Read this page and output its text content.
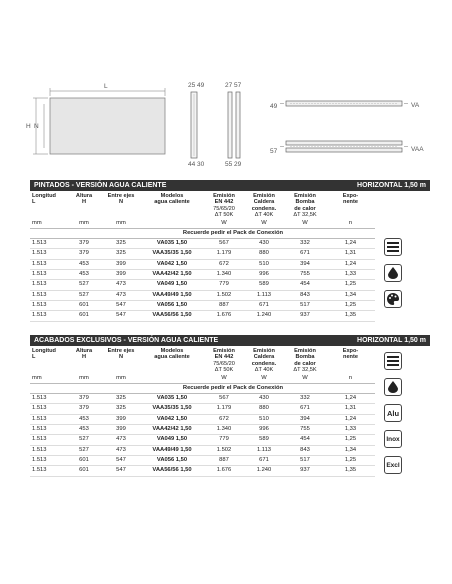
L
H N
25 49
44 30
27 57
55 29
49	VA
57	VAA
PINTADOS - VERSIÓN AGUA CALIENTE	HORIZONTAL 1,50 m
Longitud
L	Altura
H	Entre ejes
N	Modelos
agua caliente	Emisión
EN 442
75/65/20
ΔT 50K	Emisión
Caldera
condens.
ΔT 40K	Emisión
Bomba
de calor
ΔT 32,5K	Expo-
nente
mm	mm	mm		W	W	W	n
			Recuerde pedir el Pack de Conexión				
1.513	379	325	VA035 1,50	567	430	332	1,24
1.513	379	325	VAA35/35 1,50	1.179	880	671	1,31
1.513	453	399	VA042 1,50	672	510	394	1,24
1.513	453	399	VAA42/42 1,50	1.340	996	755	1,33
1.513	527	473	VA049 1,50	779	589	454	1,25
1.513	527	473	VAA49/49 1,50	1.502	1.113	843	1,34
1.513	601	547	VA056 1,50	887	671	517	1,25
1.513	601	547	VAA56/56 1,50	1.676	1.240	937	1,35
ACABADOS EXCLUSIVOS - VERSIÓN AGUA CALIENTE	HORIZONTAL 1,50 m
Longitud
L	Altura
H	Entre ejes
N	Modelos
agua caliente	Emisión
EN 442
75/65/20
ΔT 50K	Emisión
Caldera
condens.
ΔT 40K	Emisión
Bomba
de calor
ΔT 32,5K	Expo-
nente
mm	mm	mm		W	W	W	n
			Recuerde pedir el Pack de Conexión				
1.513	379	325	VA035 1,50	567	430	332	1,24
1.513	379	325	VAA35/35 1,50	1.179	880	671	1,31
1.513	453	399	VA042 1,50	672	510	394	1,24
1.513	453	399	VAA42/42 1,50	1.340	996	755	1,33
1.513	527	473	VA049 1,50	779	589	454	1,25
1.513	527	473	VAA49/49 1,50	1.502	1.113	843	1,34
1.513	601	547	VA056 1,50	887	671	517	1,25
1.513	601	547	VAA56/56 1,50	1.676	1.240	937	1,35
Alu
Inox
Excl
